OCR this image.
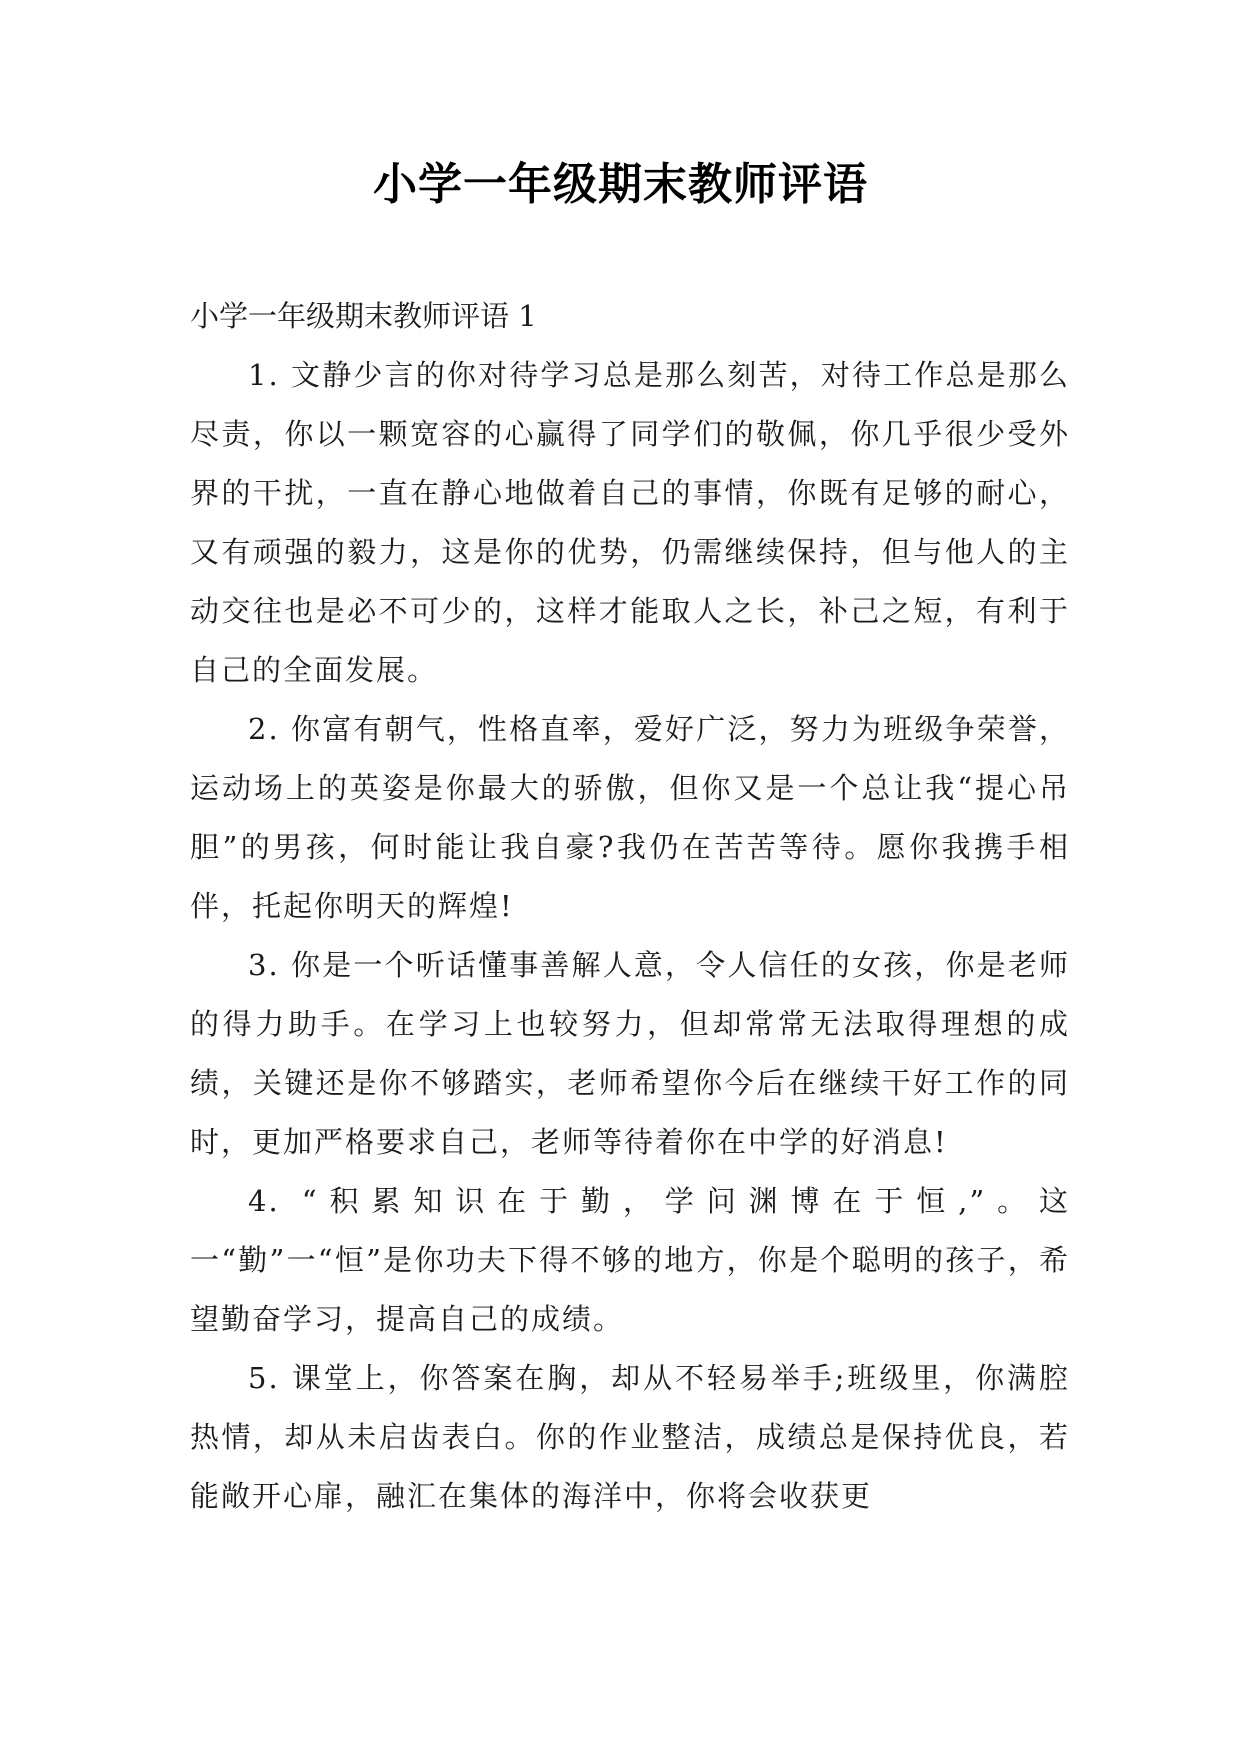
小学一年级期末教师评语

小学一年级期末教师评语 1

1. 文静少言的你对待学习总是那么刻苦，对待工作总是那么尽责，你以一颗宽容的心赢得了同学们的敬佩，你几乎很少受外界的干扰，一直在静心地做着自己的事情，你既有足够的耐心，又有顽强的毅力，这是你的优势，仍需继续保持，但与他人的主动交往也是必不可少的，这样才能取人之长，补己之短，有利于自己的全面发展。

2. 你富有朝气，性格直率，爱好广泛，努力为班级争荣誉，运动场上的英姿是你最大的骄傲，但你又是一个总让我“提心吊胆”的男孩，何时能让我自豪?我仍在苦苦等待。愿你我携手相伴，托起你明天的辉煌!

3. 你是一个听话懂事善解人意，令人信任的女孩，你是老师的得力助手。在学习上也较努力，但却常常无法取得理想的成绩，关键还是你不够踏实，老师希望你今后在继续干好工作的同时，更加严格要求自己，老师等待着你在中学的好消息!

4. “积累知识在于勤，学问渊博在于恒,”。这一“勤”一“恒”是你功夫下得不够的地方，你是个聪明的孩子，希望勤奋学习，提高自己的成绩。

5. 课堂上，你答案在胸，却从不轻易举手;班级里，你满腔热情，却从未启齿表白。你的作业整洁，成绩总是保持优良，若能敞开心扉，融汇在集体的海洋中，你将会收获更
